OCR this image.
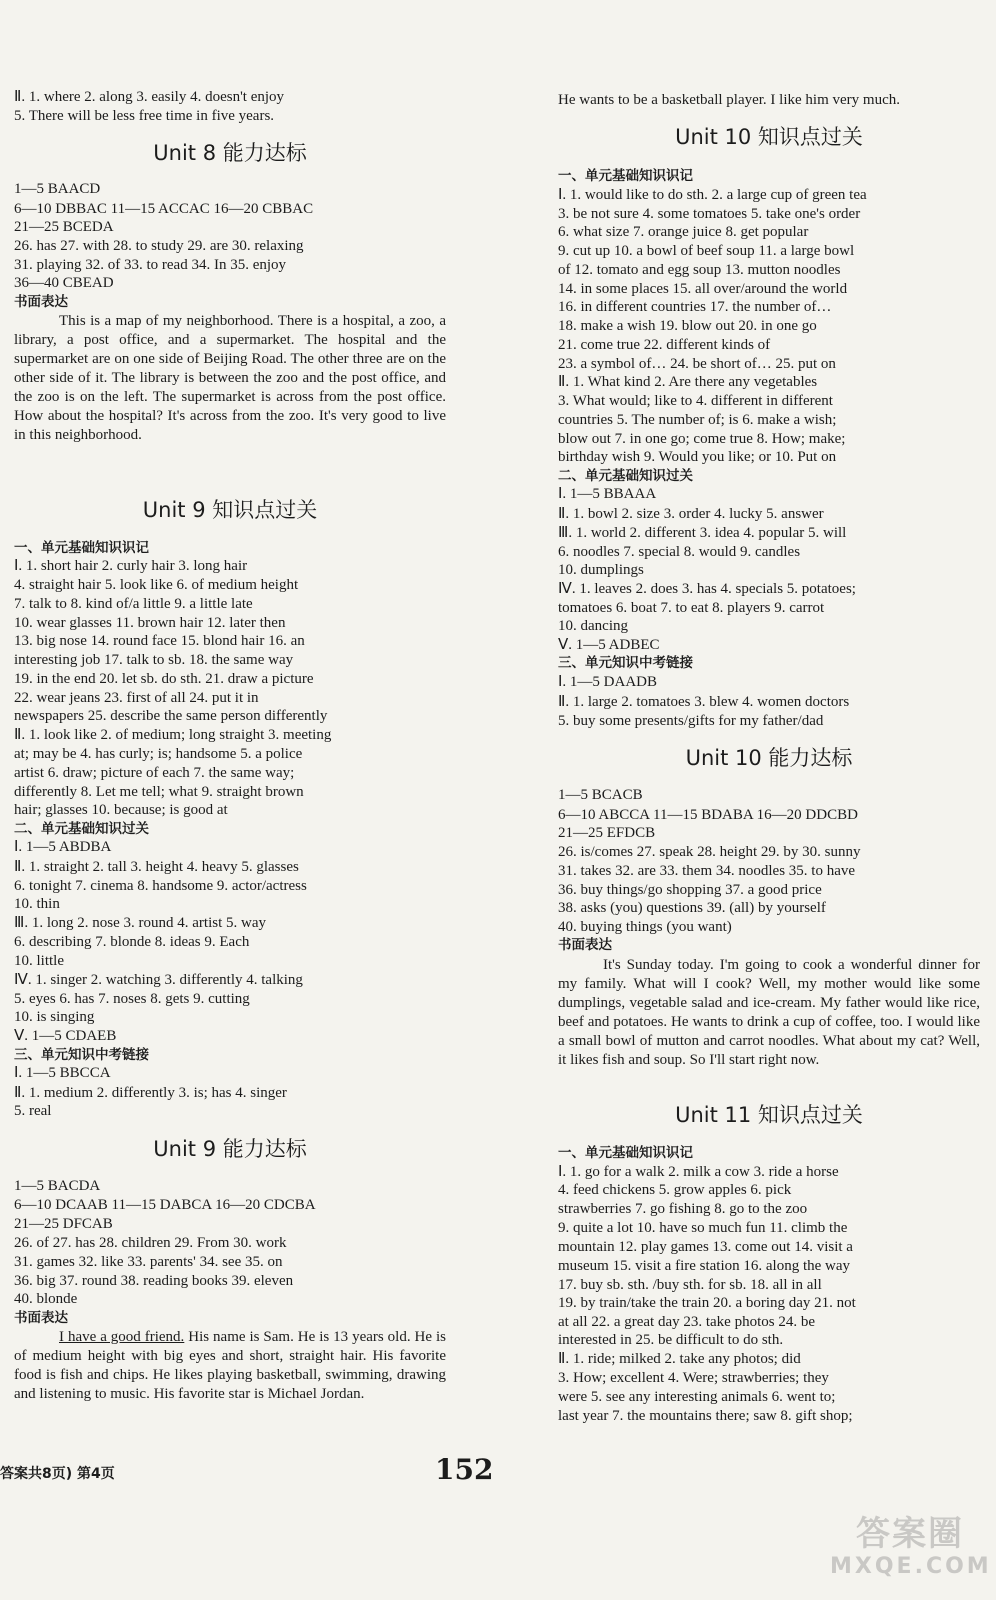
Ⅱ. 1. where 2. along 3. easily 4. doesn't enjoy
5. There will be less free time in five years.
1—5 BAACD
6—10 DBBAC 11—15 ACCAC 16—20 CBBAC
21—25 BCEDA
26. has 27. with 28. to study 29. are 30. relaxing
31. playing 32. of 33. to read 34. In 35. enjoy
36—40 CBEAD
Ⅰ. 1. short hair 2. curly hair 3. long hair
4. straight hair 5. look like 6. of medium height
7. talk to 8. kind of/a little 9. a little late
10. wear glasses 11. brown hair 12. later then
13. big nose 14. round face 15. blond hair 16. an
interesting job 17. talk to sb. 18. the same way
19. in the end 20. let sb. do sth. 21. draw a picture
22. wear jeans 23. first of all 24. put it in
newspapers 25. describe the same person differently
Ⅱ. 1. look like 2. of medium; long straight 3. meeting
at; may be 4. has curly; is; handsome 5. a police
artist 6. draw; picture of each 7. the same way;
differently 8. Let me tell; what 9. straight brown
hair; glasses 10. because; is good at
Ⅰ. 1—5 ABDBA
Ⅱ. 1. straight 2. tall 3. height 4. heavy 5. glasses
6. tonight 7. cinema 8. handsome 9. actor/actress
10. thin
Ⅲ. 1. long 2. nose 3. round 4. artist 5. way
6. describing 7. blonde 8. ideas 9. Each
10. little
Ⅳ. 1. singer 2. watching 3. differently 4. talking
5. eyes 6. has 7. noses 8. gets 9. cutting
10. is singing
Ⅴ. 1—5 CDAEB
Ⅰ. 1—5 BBCCA
Ⅱ. 1. medium 2. differently 3. is; has 4. singer
5. real
1—5 BACDA
6—10 DCAAB 11—15 DABCA 16—20 CDCBA
21—25 DFCAB
26. of 27. has 28. children 29. From 30. work
31. games 32. like 33. parents' 34. see 35. on
36. big 37. round 38. reading books 39. eleven
40. blonde
Unit 8 能力达标
Unit 9 知识点过关
Unit 9 能力达标
书面表达
一、单元基础知识识记
二、单元基础知识过关
三、单元知识中考链接
书面表达
This is a map of my neighborhood. There is a hospital, a zoo, a library, a post office, and a supermarket. The hospital and the supermarket are on one side of Beijing Road. The other three are on the other side of it. The library is between the zoo and the post office, and the zoo is on the left. The supermarket is across from the post office. How about the hospital? It's across from the zoo. It's very good to live in this neighborhood.
I have a good friend. His name is Sam. He is 13 years old. He is of medium height with big eyes and short, straight hair. His favorite food is fish and chips. He likes playing basketball, swimming, drawing and listening to music. His favorite star is Michael Jordan.
He wants to be a basketball player. I like him very much.
Ⅰ. 1. would like to do sth. 2. a large cup of green tea
3. be not sure 4. some tomatoes 5. take one's order
6. what size 7. orange juice 8. get popular
9. cut up 10. a bowl of beef soup 11. a large bowl
of 12. tomato and egg soup 13. mutton noodles
14. in some places 15. all over/around the world
16. in different countries 17. the number of…
18. make a wish 19. blow out 20. in one go
21. come true 22. different kinds of
23. a symbol of… 24. be short of… 25. put on
Ⅱ. 1. What kind 2. Are there any vegetables
3. What would; like to 4. different in different
countries 5. The number of; is 6. make a wish;
blow out 7. in one go; come true 8. How; make;
birthday wish 9. Would you like; or 10. Put on
Ⅰ. 1—5 BBAAA
Ⅱ. 1. bowl 2. size 3. order 4. lucky 5. answer
Ⅲ. 1. world 2. different 3. idea 4. popular 5. will
6. noodles 7. special 8. would 9. candles
10. dumplings
Ⅳ. 1. leaves 2. does 3. has 4. specials 5. potatoes;
tomatoes 6. boat 7. to eat 8. players 9. carrot
10. dancing
Ⅴ. 1—5 ADBEC
Ⅰ. 1—5 DAADB
Ⅱ. 1. large 2. tomatoes 3. blew 4. women doctors
5. buy some presents/gifts for my father/dad
1—5 BCACB
6—10 ABCCA 11—15 BDABA 16—20 DDCBD
21—25 EFDCB
26. is/comes 27. speak 28. height 29. by 30. sunny
31. takes 32. are 33. them 34. noodles 35. to have
36. buy things/go shopping 37. a good price
38. asks (you) questions 39. (all) by yourself
40. buying things (you want)
Ⅰ. 1. go for a walk 2. milk a cow 3. ride a horse
4. feed chickens 5. grow apples 6. pick
strawberries 7. go fishing 8. go to the zoo
9. quite a lot 10. have so much fun 11. climb the
mountain 12. play games 13. come out 14. visit a
museum 15. visit a fire station 16. along the way
17. buy sb. sth. /buy sth. for sb. 18. all in all
19. by train/take the train 20. a boring day 21. not
at all 22. a great day 23. take photos 24. be
interested in 25. be difficult to do sth.
Ⅱ. 1. ride; milked 2. take any photos; did
3. How; excellent 4. Were; strawberries; they
were 5. see any interesting animals 6. went to;
last year 7. the mountains there; saw 8. gift shop;
Unit 10 知识点过关
Unit 10 能力达标
Unit 11 知识点过关
一、单元基础知识识记
二、单元基础知识过关
三、单元知识中考链接
书面表达
一、单元基础知识识记
It's Sunday today. I'm going to cook a wonderful dinner for my family. What will I cook? Well, my mother would like some dumplings, vegetable salad and ice-cream. My father would like rice, beef and potatoes. He wants to drink a cup of coffee, too. I would like a small bowl of mutton and carrot noodles. What about my cat? Well, it likes fish and soup. So I'll start right now.
答案共8页) 第4页	152
答案圈
MXQE.COM
